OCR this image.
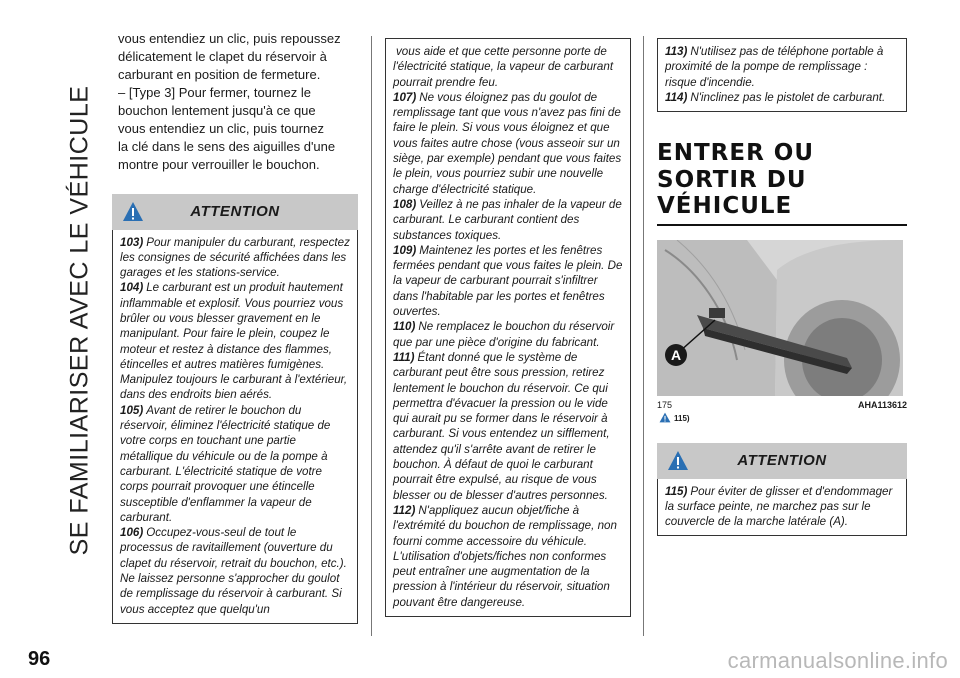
SE FAMILIARISER AVEC LE VÉHICULE

vous entendiez un clic, puis repoussez

délicatement le clapet du réservoir à

carburant en position de fermeture.

– [Type 3] Pour fermer, tournez le

bouchon lentement jusqu'à ce que

vous entendiez un clic, puis tournez

la clé dans le sens des aiguilles d'une

montre pour verrouiller le bouchon.

ATTENTION

103) Pour manipuler du carburant, respectez les consignes de sécurité affichées dans les garages et les stations-service.

104) Le carburant est un produit hautement inflammable et explosif. Vous pourriez vous brûler ou vous blesser gravement en le manipulant. Pour faire le plein, coupez le moteur et restez à distance des flammes, étincelles et autres matières fumigènes. Manipulez toujours le carburant à l'extérieur, dans des endroits bien aérés.

105) Avant de retirer le bouchon du réservoir, éliminez l'électricité statique de votre corps en touchant une partie métallique du véhicule ou de la pompe à carburant. L'électricité statique de votre corps pourrait provoquer une étincelle susceptible d'enflammer la vapeur de carburant.

106) Occupez-vous-seul de tout le processus de ravitaillement (ouverture du clapet du réservoir, retrait du bouchon, etc.). Ne laissez personne s'approcher du goulot de remplissage du réservoir à carburant. Si vous acceptez que quelqu'un

vous aide et que cette personne porte de l'électricité statique, la vapeur de carburant pourrait prendre feu.

107) Ne vous éloignez pas du goulot de remplissage tant que vous n'avez pas fini de faire le plein. Si vous vous éloignez et que vous faites autre chose (vous asseoir sur un siège, par exemple) pendant que vous faites le plein, vous pourriez subir une nouvelle charge d'électricité statique.

108) Veillez à ne pas inhaler de la vapeur de carburant. Le carburant contient des substances toxiques.

109) Maintenez les portes et les fenêtres fermées pendant que vous faites le plein. De la vapeur de carburant pourrait s'infiltrer dans l'habitable par les portes et fenêtres ouvertes.

110) Ne remplacez le bouchon du réservoir que par une pièce d'origine du fabricant.

111) Étant donné que le système de carburant peut être sous pression, retirez lentement le bouchon du réservoir. Ce qui permettra d'évacuer la pression ou le vide qui aurait pu se former dans le réservoir à carburant. Si vous entendez un sifflement, attendez qu'il s'arrête avant de retirer le bouchon. À défaut de quoi le carburant pourrait être expulsé, au risque de vous blesser ou de blesser d'autres personnes.

112) N'appliquez aucun objet/fiche à l'extrémité du bouchon de remplissage, non fourni comme accessoire du véhicule. L'utilisation d'objets/fiches non conformes peut entraîner une augmentation de la pression à l'intérieur du réservoir, situation pouvant être dangereuse.

113) N'utilisez pas de téléphone portable à proximité de la pompe de remplissage : risque d'incendie.

114) N'inclinez pas le pistolet de carburant.

ENTRER OU SORTIR DU VÉHICULE
A
175	AHA113612
115)
ATTENTION

115) Pour éviter de glisser et d'endommager la surface peinte, ne marchez pas sur le couvercle de la marche latérale (A).

96	carmanualsonline.info
